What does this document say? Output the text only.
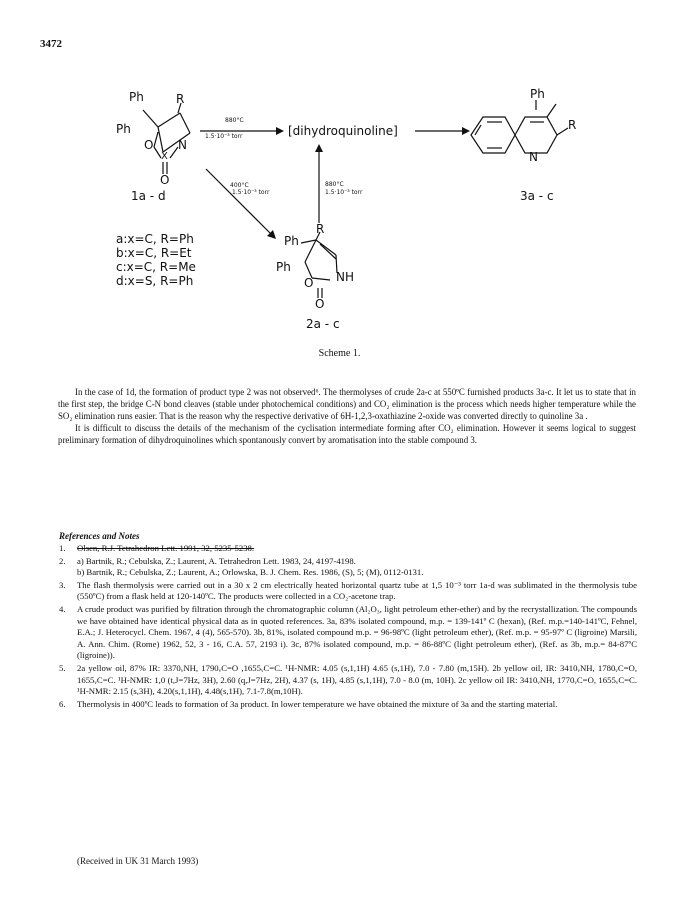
3472
Ph	R
Ph
O
X
N
O
1a - d
880°C
1.5·10⁻³ torr	[dihydroquinoline]
400°C
1.5·10⁻³ torr
880°C
1.5·10⁻³ torr
a:x=C, R=Ph
b:x=C, R=Et
c:x=C, R=Me
d:x=S, R=Ph
Ph
R
Ph
O NH
O
2a - c
Ph
R
N
3a - c
Scheme 1.

In the case of 1d, the formation of product type 2 was not observed⁶. The thermolyses of crude 2a-c at 550ºC furnished products 3a-c. It let us to state that in the first step, the bridge C-N bond cleaves (stable under photochemical conditions) and CO₂ elimination is the process which needs higher temperature while the SO₂ elimination runs easier. That is the reason why the respective derivative of 6H-1,2,3-oxathiazine 2-oxide was converted directly to quinoline 3a .

It is difficult to discuss the details of the mechanism of the cyclisation intermediate forming after CO₂ elimination. However it seems logical to suggest preliminary formation of dihydroquinolines which spontanously convert by aromatisation into the stable compound 3.

References and Notes
1. Olsen, R.J. Tetrahedron Lett. 1991, 32, 5235-5238.
2. a) Bartnik, R.; Cebulska, Z.; Laurent, A. Tetrahedron Lett. 1983, 24, 4197-4198.
b) Bartnik, R.; Cebulska, Z.; Laurent, A.; Orlowska, B. J. Chem. Res. 1986, (S), 5; (M), 0112-0131.
3. The flash thermolysis were carried out in a 30 x 2 cm electrically heated horizontal quartz tube at 1,5 10⁻³ torr 1a-d was sublimated in the thermolysis tube (550ºC) from a flask held at 120-140ºC. The products were collected in a CO₂-acetone trap.
4. A crude product was purified by filtration through the chromatographic column (Al₂O₃, light petroleum ether-ether) and by the recrystallization. The compounds we have obtained have identical physical data as in quoted references. 3a, 83% isolated compound, m.p. = 139-141º C (hexan), (Ref. m.p.=140-141ºC, Fehnel, E.A.; J. Heterocycl. Chem. 1967, 4 (4), 565-570). 3b, 81%, isolated compound m.p. = 96-98ºC (light petroleum ether), (Ref. m.p. = 95-97º C (ligroine) Marsili, A. Ann. Chim. (Rome) 1962, 52, 3 - 16, C.A. 57, 2193 i). 3c, 87% isolated compound, m.p. = 86-88ºC (light petroleum ether), (Ref. as 3b, m.p.= 84-87ºC (ligroine)).
5. 2a yellow oil, 87% IR: 3370ᵥNH, 1790ᵥC=O ,1655ᵥC=C. ¹H-NMR: 4.05 (s,1,1H) 4.65 (s,1H), 7.0 - 7.80 (m,15H). 2b yellow oil, IR: 3410ᵥNH, 1780ᵥC=O, 1655ᵥC=C. ¹H-NMR: 1,0 (t,J=7Hz, 3H), 2.60 (q,J=7Hz, 2H), 4.37 (s, 1H), 4.85 (s,1,1H), 7.0 - 8.0 (m, 10H). 2c yellow oil IR: 3410ᵥNH, 1770ᵥC=O, 1655ᵥC=C. ¹H-NMR: 2.15 (s,3H), 4.20(s,1,1H), 4.48(s,1H), 7.1-7.8(m,10H).
6. Thermolysis in 400ºC leads to formation of 3a product. In lower temperature we have obtained the mixture of 3a and the starting material.
(Received in UK 31 March 1993)
